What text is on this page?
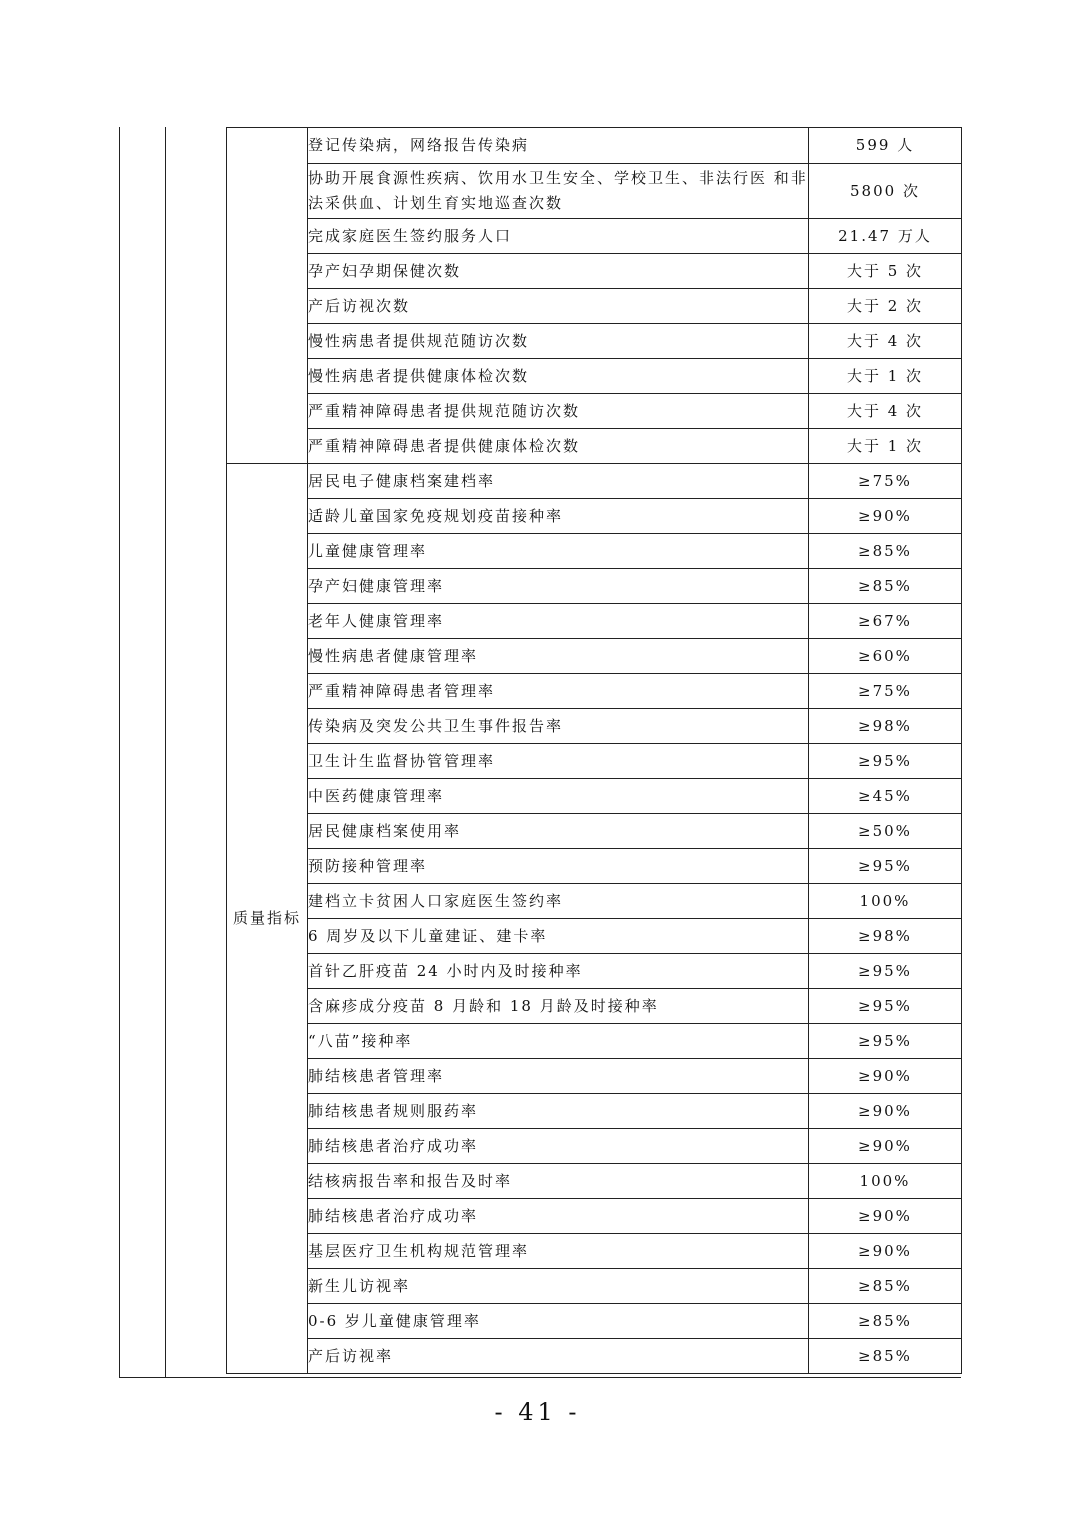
	登记传染病，网络报告传染病	599 人
	协助开展食源性疾病、饮用水卫生安全、学校卫生、非法行医 和非法采供血、计划生育实地巡查次数	5800 次
	完成家庭医生签约服务人口	21.47 万人
	孕产妇孕期保健次数	大于 5 次
	产后访视次数	大于 2 次
	慢性病患者提供规范随访次数	大于 4 次
	慢性病患者提供健康体检次数	大于 1 次
	严重精神障碍患者提供规范随访次数	大于 4 次
	严重精神障碍患者提供健康体检次数	大于 1 次
质量指标	居民电子健康档案建档率	≥75%
	适龄儿童国家免疫规划疫苗接种率	≥90%
	儿童健康管理率	≥85%
	孕产妇健康管理率	≥85%
	老年人健康管理率	≥67%
	慢性病患者健康管理率	≥60%
	严重精神障碍患者管理率	≥75%
	传染病及突发公共卫生事件报告率	≥98%
	卫生计生监督协管管理率	≥95%
	中医药健康管理率	≥45%
	居民健康档案使用率	≥50%
	预防接种管理率	≥95%
	建档立卡贫困人口家庭医生签约率	100%
	6 周岁及以下儿童建证、建卡率	≥98%
	首针乙肝疫苗 24 小时内及时接种率	≥95%
	含麻疹成分疫苗 8 月龄和 18 月龄及时接种率	≥95%
	“八苗”接种率	≥95%
	肺结核患者管理率	≥90%
	肺结核患者规则服药率	≥90%
	肺结核患者治疗成功率	≥90%
	结核病报告率和报告及时率	100%
	肺结核患者治疗成功率	≥90%
	基层医疗卫生机构规范管理率	≥90%
	新生儿访视率	≥85%
	0-6 岁儿童健康管理率	≥85%
	产后访视率	≥85%
- 41 -
